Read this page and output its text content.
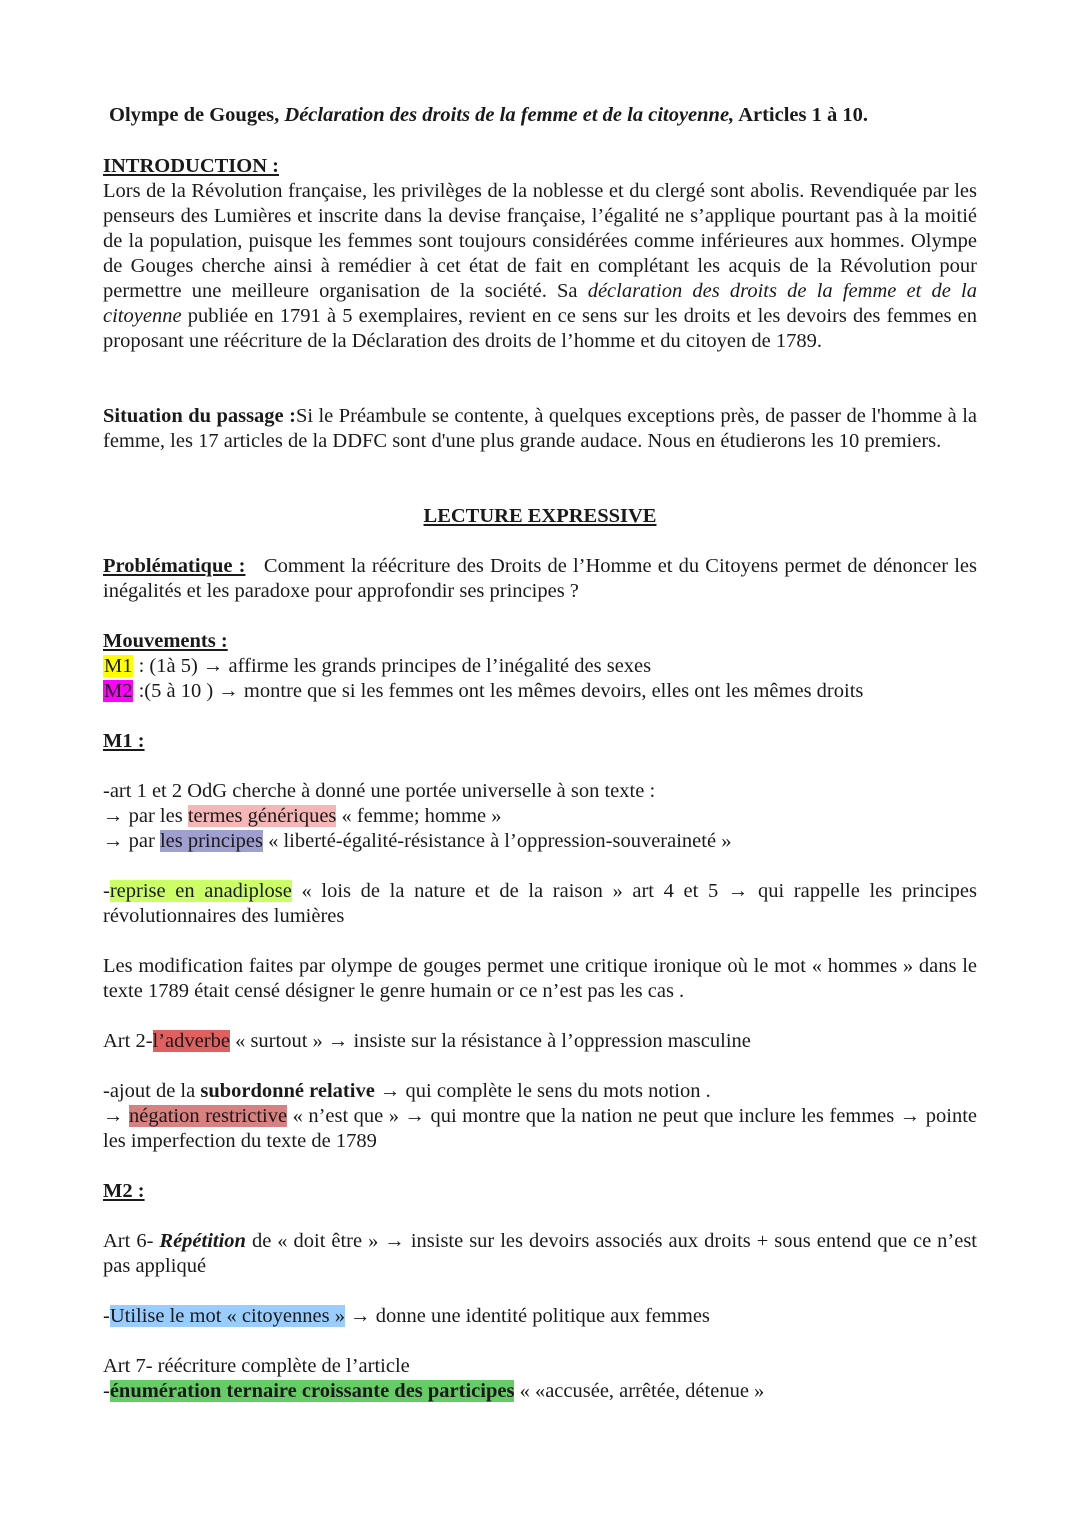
Olympe de Gouges, Déclaration des droits de la femme et de la citoyenne, Articles 1 à 10.

INTRODUCTION :

Lors de la Révolution française, les privilèges de la noblesse et du clergé sont abolis. Revendiquée par les penseurs des Lumières et inscrite dans la devise française, l’égalité ne s’applique pourtant pas à la moitié de la population, puisque les femmes sont toujours considérées comme inférieures aux hommes. Olympe de Gouges cherche ainsi à remédier à cet état de fait en complétant les acquis de la Révolution pour permettre une meilleure organisation de la société. Sa déclaration des droits de la femme et de la citoyenne publiée en 1791 à 5 exemplaires, revient en ce sens sur les droits et les devoirs des femmes en proposant une réécriture de la Déclaration des droits de l’homme et du citoyen de 1789.

Situation du passage :Si le Préambule se contente, à quelques exceptions près, de passer de l'homme à la femme, les 17 articles de la DDFC sont d'une plus grande audace. Nous en étudierons les 10 premiers.

LECTURE EXPRESSIVE

Problématique : Comment la réécriture des Droits de l’Homme et du Citoyens permet de dénoncer les inégalités et les paradoxe pour approfondir ses principes ?

Mouvements :

M1 : (1à 5) → affirme les grands principes de l’inégalité des sexes

M2 :(5 à 10 ) → montre que si les femmes ont les mêmes devoirs, elles ont les mêmes droits

M1 :

-art 1 et 2 OdG cherche à donné une portée universelle à son texte :

→ par les termes génériques « femme; homme »

→ par les principes « liberté-égalité-résistance à l’oppression-souveraineté »

-reprise en anadiplose « lois de la nature et de la raison » art 4 et 5 → qui rappelle les principes révolutionnaires des lumières

Les modification faites par olympe de gouges permet une critique ironique où le mot « hommes » dans le texte 1789 était censé désigner le genre humain or ce n’est pas les cas .

Art 2-l’adverbe « surtout » → insiste sur la résistance à l’oppression masculine

-ajout de la subordonné relative → qui complète le sens du mots notion .

→ négation restrictive « n’est que » → qui montre que la nation ne peut que inclure les femmes → pointe les imperfection du texte de 1789

M2 :

Art 6- Répétition de « doit être » → insiste sur les devoirs associés aux droits + sous entend que ce n’est pas appliqué

-Utilise le mot « citoyennes » → donne une identité politique aux femmes

Art 7- réécriture complète de l’article

-énumération ternaire croissante des participes « «accusée, arrêtée, détenue »
